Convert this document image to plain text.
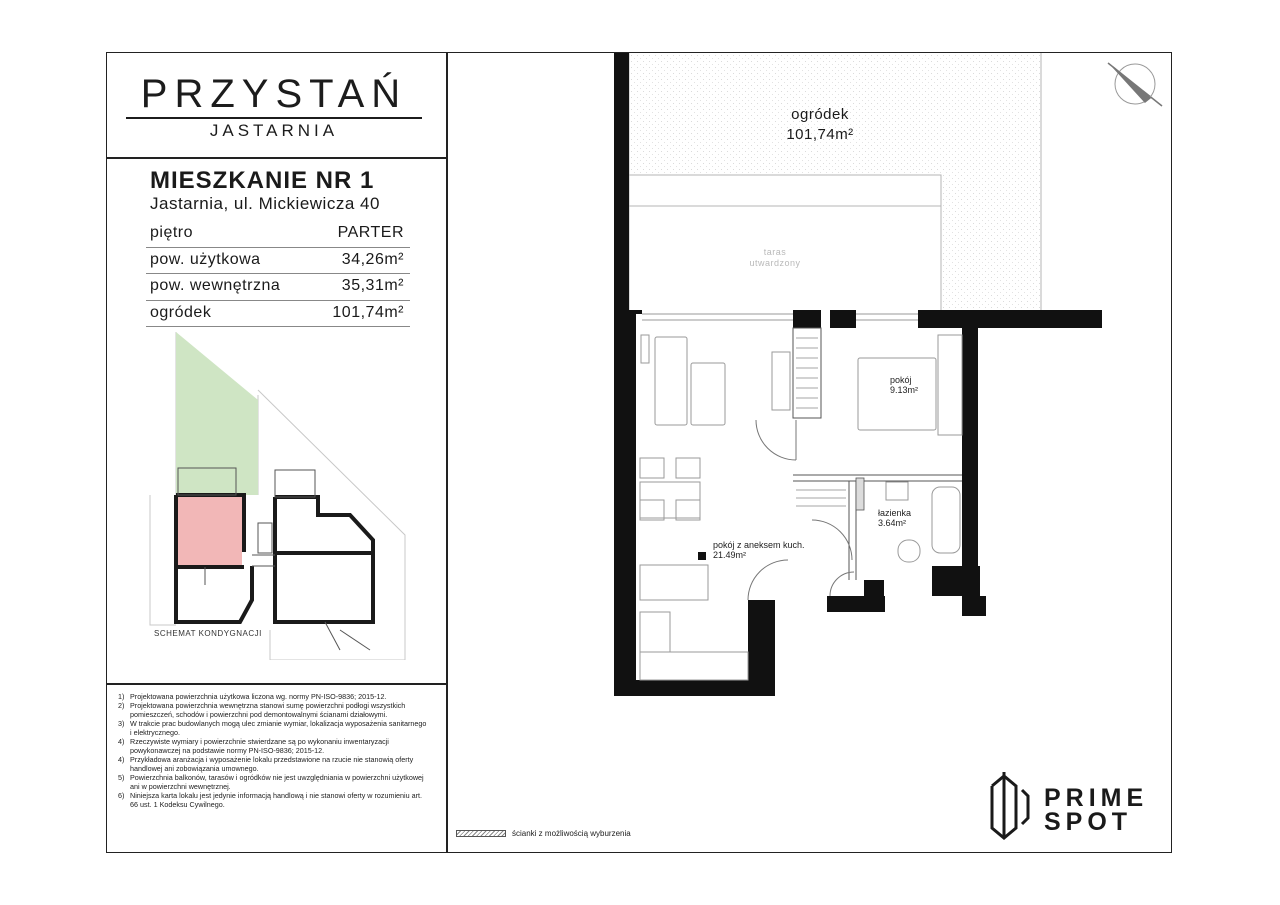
PRZYSTAŃ
JASTARNIA
MIESZKANIE NR 1
Jastarnia, ul. Mickiewicza 40
piętro	PARTER
pow. użytkowa	34,26m²
pow. wewnętrzna	35,31m²
ogródek	101,74m²
SCHEMAT KONDYGNACJI
1) Projektowana powierzchnia użytkowa liczona wg. normy PN-ISO-9836; 2015-12.
2) Projektowana powierzchnia wewnętrzna stanowi sumę powierzchni podłogi wszystkich pomieszczeń, schodów i powierzchni pod demontowalnymi ścianami działowymi.
3) W trakcie prac budowlanych mogą ulec zmianie wymiar, lokalizacja wyposażenia sanitarnego i elektrycznego.
4) Rzeczywiste wymiary i powierzchnie stwierdzane są po wykonaniu inwentaryzacji powykonawczej na podstawie normy PN-ISO-9836; 2015-12.
4) Przykładowa aranżacja i wyposażenie lokalu przedstawione na rzucie nie stanowią oferty handlowej ani zobowiązania umownego.
5) Powierzchnia balkonów, tarasów i ogródków nie jest uwzględniania w powierzchni użytkowej ani w powierzchni wewnętrznej.
6) Niniejsza karta lokalu jest jedynie informacją handlową i nie stanowi oferty w rozumieniu art. 66 ust. 1 Kodeksu Cywilnego.
ogródek
101,74m²
taras
utwardzony
pokój
9.13m²
łazienka
3.64m²
pokój z aneksem kuch.
21.49m²
ścianki z możliwością wyburzenia
PRIME
SPOT
